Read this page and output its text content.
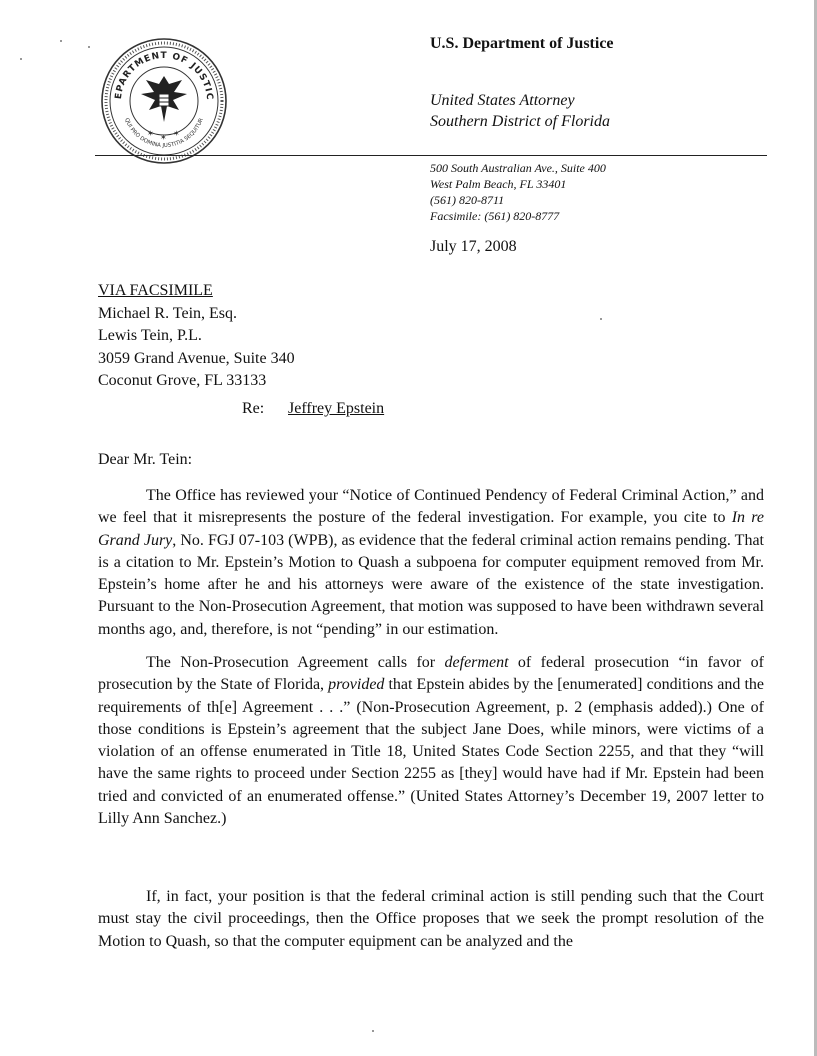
EPARTMENT OF JUSTIC
QUI PRO DOMINA JUSTITIA SEQUITUR
✶ ✶ ✶
U.S. Department of Justice
United States Attorney
Southern District of Florida
500 South Australian Ave., Suite 400
West Palm Beach, FL 33401
(561) 820-8711
Facsimile: (561) 820-8777
July 17, 2008
VIA FACSIMILE
Michael R. Tein, Esq.
Lewis Tein, P.L.
3059 Grand Avenue, Suite 340
Coconut Grove, FL 33133
Re: Jeffrey Epstein
Dear Mr. Tein:

The Office has reviewed your “Notice of Continued Pendency of Federal Criminal Action,” and we feel that it misrepresents the posture of the federal investigation. For example, you cite to In re Grand Jury, No. FGJ 07-103 (WPB), as evidence that the federal criminal action remains pending. That is a citation to Mr. Epstein’s Motion to Quash a subpoena for computer equipment removed from Mr. Epstein’s home after he and his attorneys were aware of the existence of the state investigation. Pursuant to the Non-Prosecution Agreement, that motion was supposed to have been withdrawn several months ago, and, therefore, is not “pending” in our estimation.

The Non-Prosecution Agreement calls for deferment of federal prosecution “in favor of prosecution by the State of Florida, provided that Epstein abides by the [enumerated] conditions and the requirements of th[e] Agreement . . .” (Non-Prosecution Agreement, p. 2 (emphasis added).) One of those conditions is Epstein’s agreement that the subject Jane Does, while minors, were victims of a violation of an offense enumerated in Title 18, United States Code Section 2255, and that they “will have the same rights to proceed under Section 2255 as [they] would have had if Mr. Epstein had been tried and convicted of an enumerated offense.” (United States Attorney’s December 19, 2007 letter to Lilly Ann Sanchez.)

If, in fact, your position is that the federal criminal action is still pending such that the Court must stay the civil proceedings, then the Office proposes that we seek the prompt resolution of the Motion to Quash, so that the computer equipment can be analyzed and the
